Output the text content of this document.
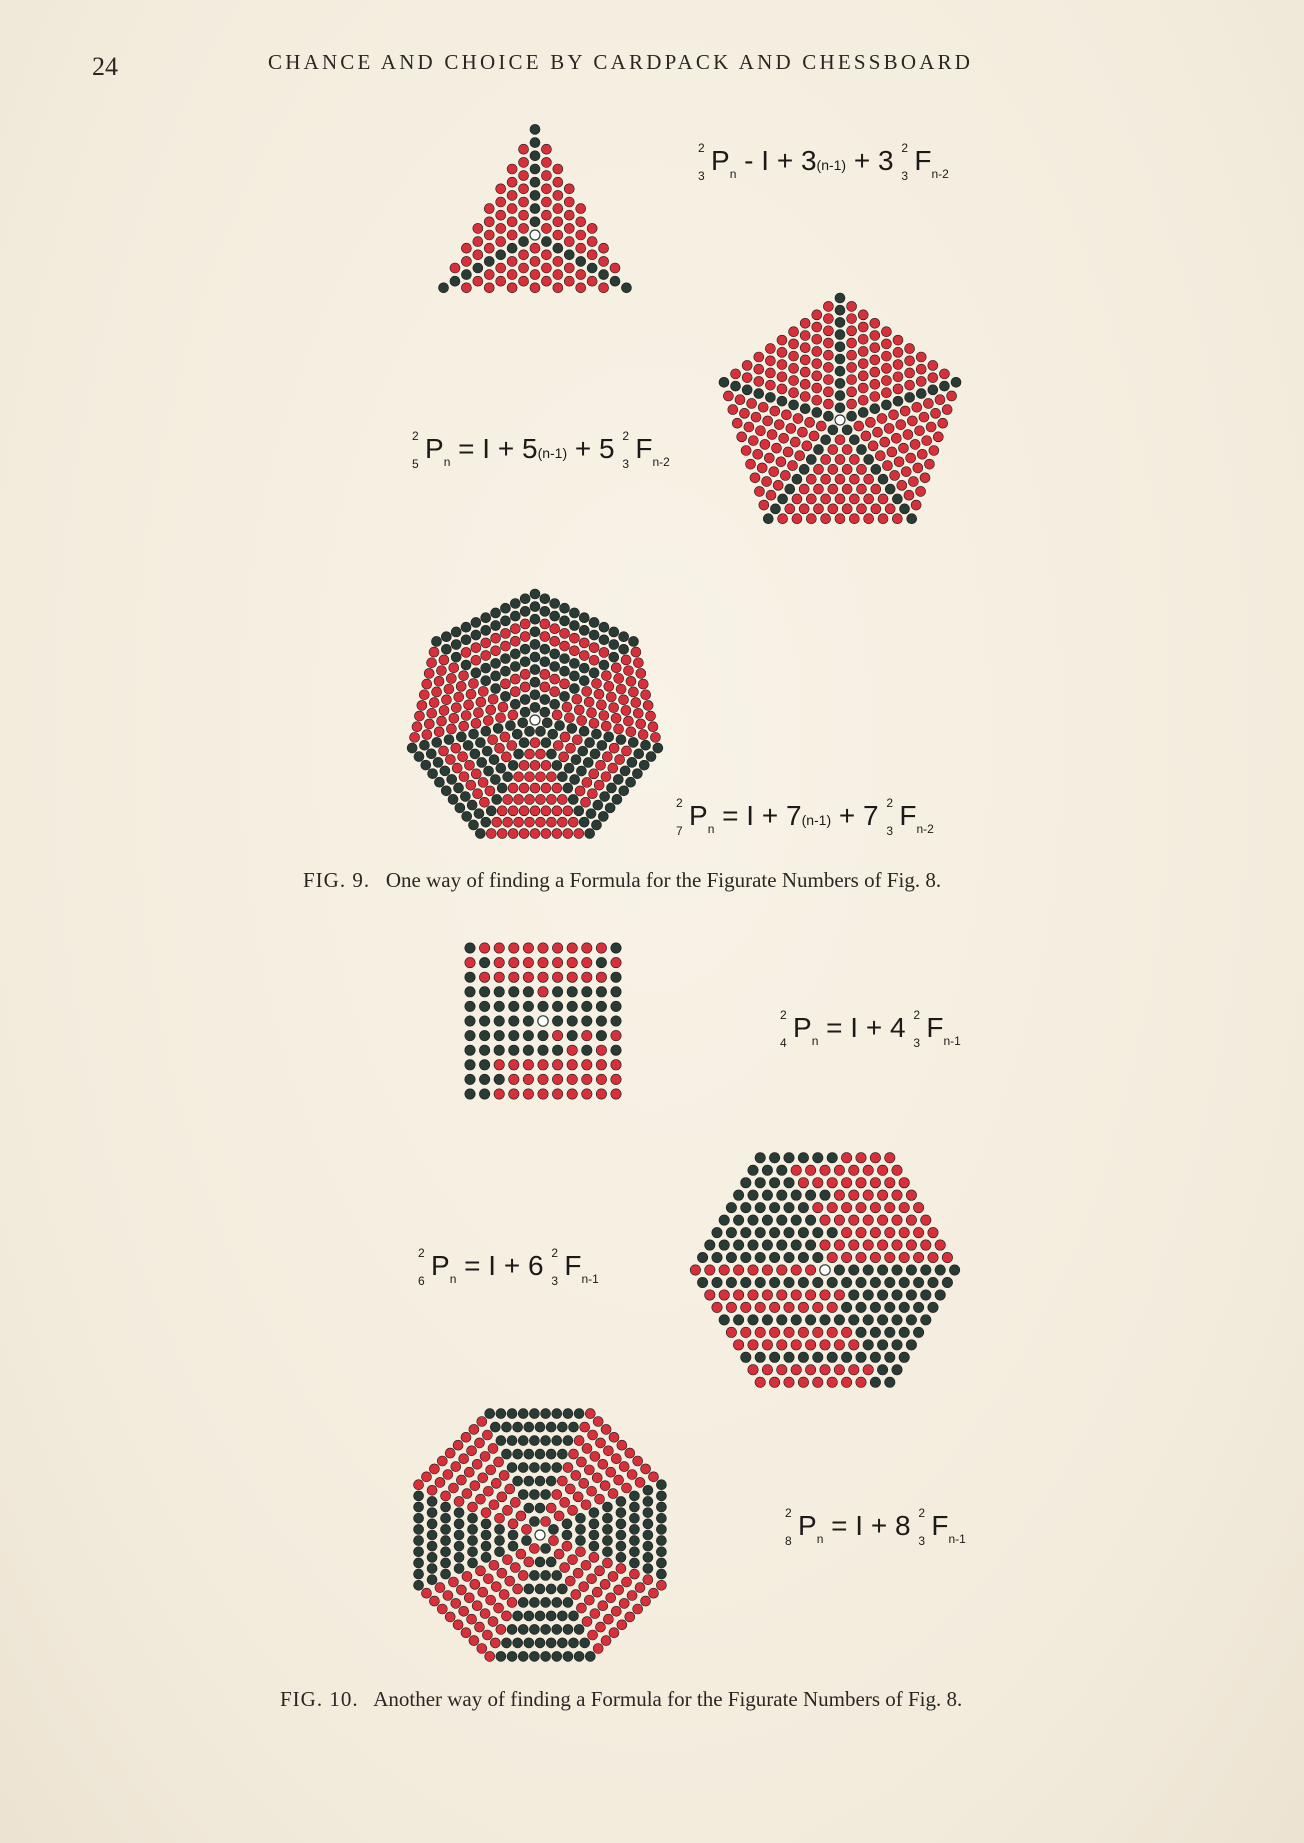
24	CHANCE AND CHOICE BY CARDPACK AND CHESSBOARD
2
3 $P_n - I + 3(n-1) + 3$ 2
3 $F_{n-2}$
2
5 $P_n = I + 5(n-1) + 5$ 2
3 $F_{n-2}$
2
7 $P_n = I + 7(n-1) + 7$ 2
3 $F_{n-2}$
FIG. 9. One way of finding a Formula for the Figurate Numbers of Fig. 8.
2
4 $P_n = I + 4$ 2
3 $F_{n-1}$
2
6 $P_n = I + 6$ 2
3 $F_{n-1}$
2
8 $P_n = I + 8$ 2
3 $F_{n-1}$
FIG. 10. Another way of finding a Formula for the Figurate Numbers of Fig. 8.
